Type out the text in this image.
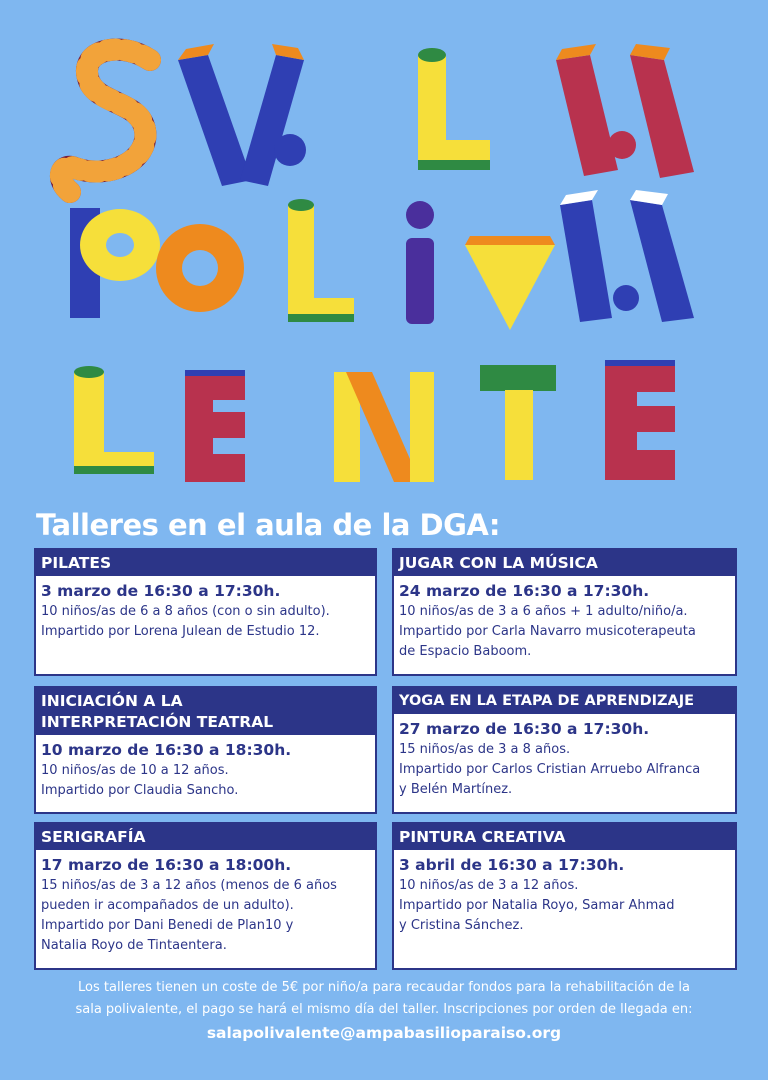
Talleres en el aula de la DGA:
PILATES
3 marzo de 16:30 a 17:30h.
10 niños/as de 6 a 8 años (con o sin adulto).
Impartido por Lorena Julean de Estudio 12.
JUGAR CON LA MÚSICA
24 marzo de 16:30 a 17:30h.
10 niños/as de 3 a 6 años + 1 adulto/niño/a.
Impartido por Carla Navarro musicoterapeuta
de Espacio Baboom.
INICIACIÓN A LA
INTERPRETACIÓN TEATRAL
10 marzo de 16:30 a 18:30h.
10 niños/as de 10 a 12 años.
Impartido por Claudia Sancho.
YOGA EN LA ETAPA DE APRENDIZAJE
27 marzo de 16:30 a 17:30h.
15 niños/as de 3 a 8 años.
Impartido por Carlos Cristian Arruebo Alfranca
y Belén Martínez.
SERIGRAFÍA
17 marzo de 16:30 a 18:00h.
15 niños/as de 3 a 12 años (menos de 6 años
pueden ir acompañados de un adulto).
Impartido por Dani Benedi de Plan10 y
Natalia Royo de Tintaentera.
PINTURA CREATIVA
3 abril de 16:30 a 17:30h.
10 niños/as de 3 a 12 años.
Impartido por Natalia Royo, Samar Ahmad
y Cristina Sánchez.
Los talleres tienen un coste de 5€ por niño/a para recaudar fondos para la rehabilitación de la
sala polivalente, el pago se hará el mismo día del taller. Inscripciones por orden de llegada en:
salapolivalente@ampabasilioparaiso.org
